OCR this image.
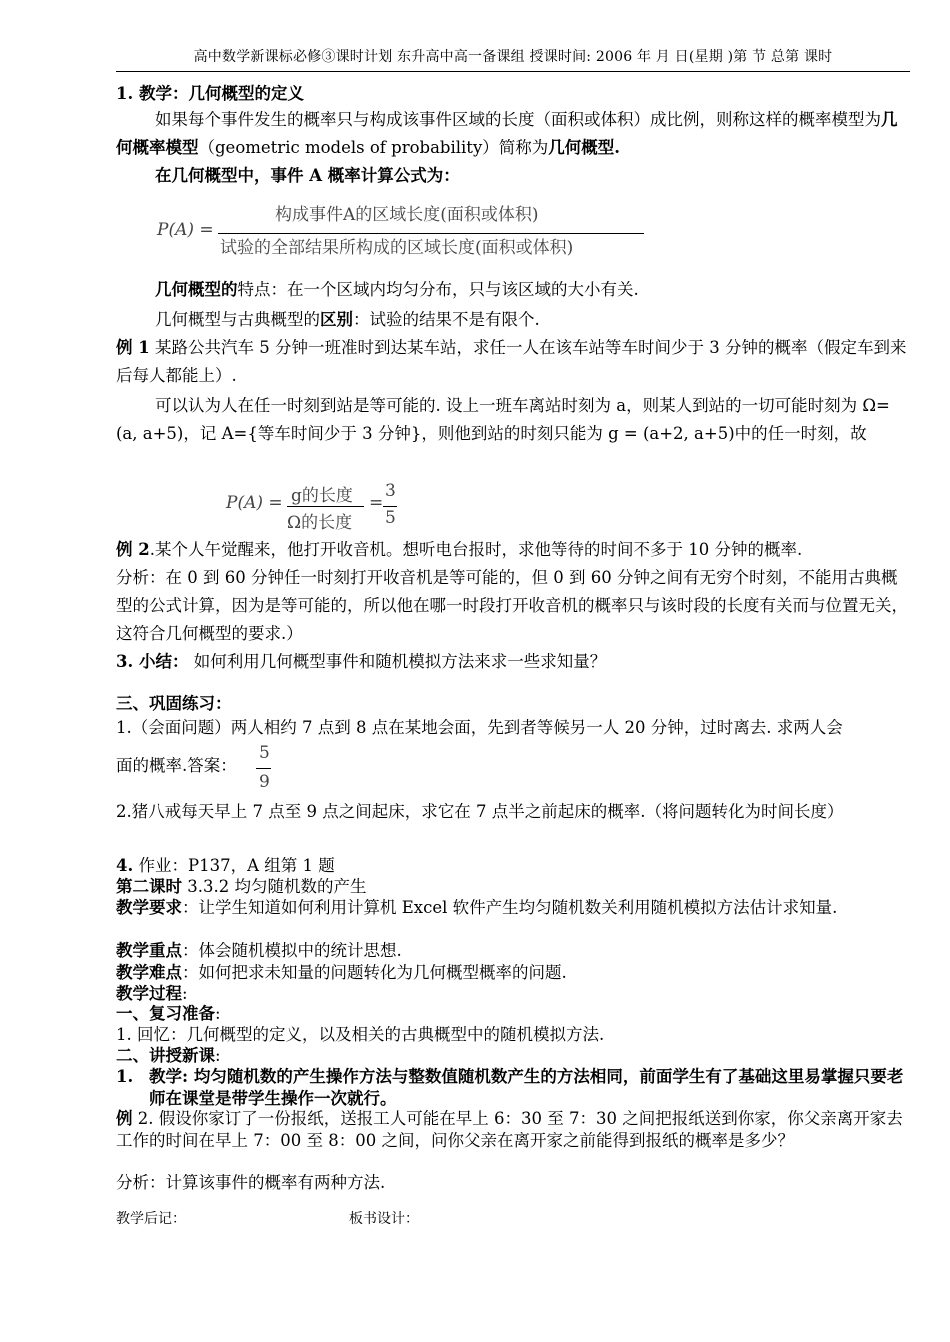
高中数学新课标必修③课时计划 东升高中高一备课组 授课时间: 2006 年 月 日(星期 )第 节 总第 课时
1. 教学：几何概型的定义
如果每个事件发生的概率只与构成该事件区域的长度（面积或体积）成比例，则称这样的概率模型为几何概率模型（geometric models of probability）简称为几何概型.
在几何概型中，事件 A 概率计算公式为：
P(A) =
构成事件A的区域长度(面积或体积)
试验的全部结果所构成的区域长度(面积或体积)
几何概型的特点：在一个区域内均匀分布，只与该区域的大小有关.
几何概型与古典概型的区别：试验的结果不是有限个.
例 1 某路公共汽车 5 分钟一班准时到达某车站，求任一人在该车站等车时间少于 3 分钟的概率（假定车到来后每人都能上）.
可以认为人在任一时刻到站是等可能的. 设上一班车离站时刻为 a，则某人到站的一切可能时刻为 Ω= (a, a+5)，记 A={等车时间少于 3 分钟}，则他到站的时刻只能为 g = (a+2, a+5)中的任一时刻，故
P(A) = g的长度
Ω的长度
=
3
5
例 2.某个人午觉醒来，他打开收音机。想听电台报时，求他等待的时间不多于 10 分钟的概率.
分析：在 0 到 60 分钟任一时刻打开收音机是等可能的，但 0 到 60 分钟之间有无穷个时刻，不能用古典概型的公式计算，因为是等可能的，所以他在哪一时段打开收音机的概率只与该时段的长度有关而与位置无关，这符合几何概型的要求.）
3. 小结： 如何利用几何概型事件和随机模拟方法来求一些求知量？
三、巩固练习：
1.（会面问题）两人相约 7 点到 8 点在某地会面，先到者等候另一人 20 分钟，过时离去. 求两人会
面的概率.答案：
5
9
2.猪八戒每天早上 7 点至 9 点之间起床，求它在 7 点半之前起床的概率.（将问题转化为时间长度）
4. 作业：P137，A 组第 1 题
第二课时 3.3.2 均匀随机数的产生
教学要求：让学生知道如何利用计算机 Excel 软件产生均匀随机数关利用随机模拟方法估计求知量.
教学重点：体会随机模拟中的统计思想.
教学难点：如何把求未知量的问题转化为几何概型概率的问题.
教学过程:
一、复习准备:
1. 回忆：几何概型的定义，以及相关的古典概型中的随机模拟方法.
二、讲授新课:
1. 教学: 均匀随机数的产生操作方法与整数值随机数产生的方法相同，前面学生有了基础这里易掌握只要老师在课堂是带学生操作一次就行。
例 2. 假设你家订了一份报纸，送报工人可能在早上 6：30 至 7：30 之间把报纸送到你家，你父亲离开家去工作的时间在早上 7：00 至 8：00 之间，问你父亲在离开家之前能得到报纸的概率是多少？
分析：计算该事件的概率有两种方法.
教学后记：	板书设计：
